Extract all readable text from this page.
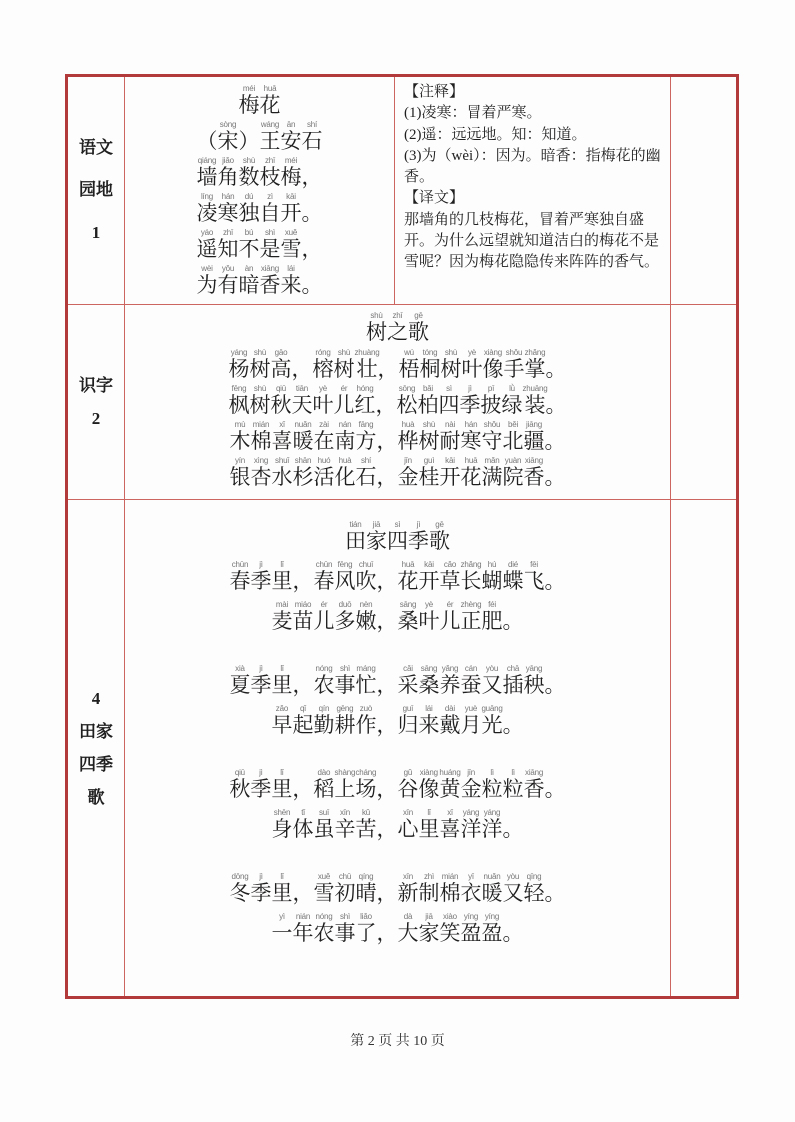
语文
园地
1
梅méi花huā
（宋sòng）王wáng安ān石shí
墙qiáng角jiǎo数shù枝zhī梅méi，
凌líng寒hán独dú自zì开kāi。
遥yáo知zhī不bú是shì雪xuě，
为wèi有yǒu暗àn香xiāng来lái。
【注释】
(1)凌寒：冒着严寒。
(2)遥：远远地。知：知道。
(3)为（wèi）：因为。暗香：指梅花的幽香。
【译文】
那墙角的几枝梅花，冒着严寒独自盛开。为什么远望就知道洁白的梅花不是雪呢？因为梅花隐隐传来阵阵的香气。
识字
2
树shù之zhī歌gē
杨yáng树shù高gāo，榕róng树shù壮zhuàng，梧wú桐tóng树shù叶yè像xiàng手shǒu掌zhǎng。
枫fēng树shù秋qiū天tiān叶yè儿ér红hóng，松sōng柏bǎi四sì季jì披pī绿lǜ装zhuāng。
木mù棉mián喜xǐ暖nuǎn在zài南nán方fāng，桦huà树shù耐nài寒hán守shǒu北běi疆jiāng。
银yín杏xìng水shuǐ杉shān活huó化huà石shí，金jīn桂guì开kāi花huā满mǎn院yuàn香xiāng。
4
田家
四季
歌
田tián家jiā四sì季jì歌gē
春chūn季jì里lǐ，春chūn风fēng吹chuī，花huā开kāi草cǎo长zhǎng蝴hú蝶dié飞fēi。
麦mài苗miáo儿ér多duō嫩nèn，桑sāng叶yè儿ér正zhèng肥féi。
夏xià季jì里lǐ，农nóng事shì忙máng，采cǎi桑sāng养yǎng蚕cán又yòu插chā秧yāng。
早zǎo起qǐ勤qín耕gēng作zuò，归guī来lái戴dài月yuè光guāng。
秋qiū季jì里lǐ，稻dào上shàng场cháng，谷gǔ像xiàng黄huáng金jīn粒lì粒lì香xiāng。
身shēn体tǐ虽suī辛xīn苦kǔ，心xīn里lǐ喜xǐ洋yáng洋yáng。
冬dōng季jì里lǐ，雪xuě初chū晴qíng，新xīn制zhì棉mián衣yī暖nuǎn又yòu轻qīng。
一yì年nián农nóng事shì了liǎo，大dà家jiā笑xiào盈yíng盈yíng。
第 2 页 共 10 页
